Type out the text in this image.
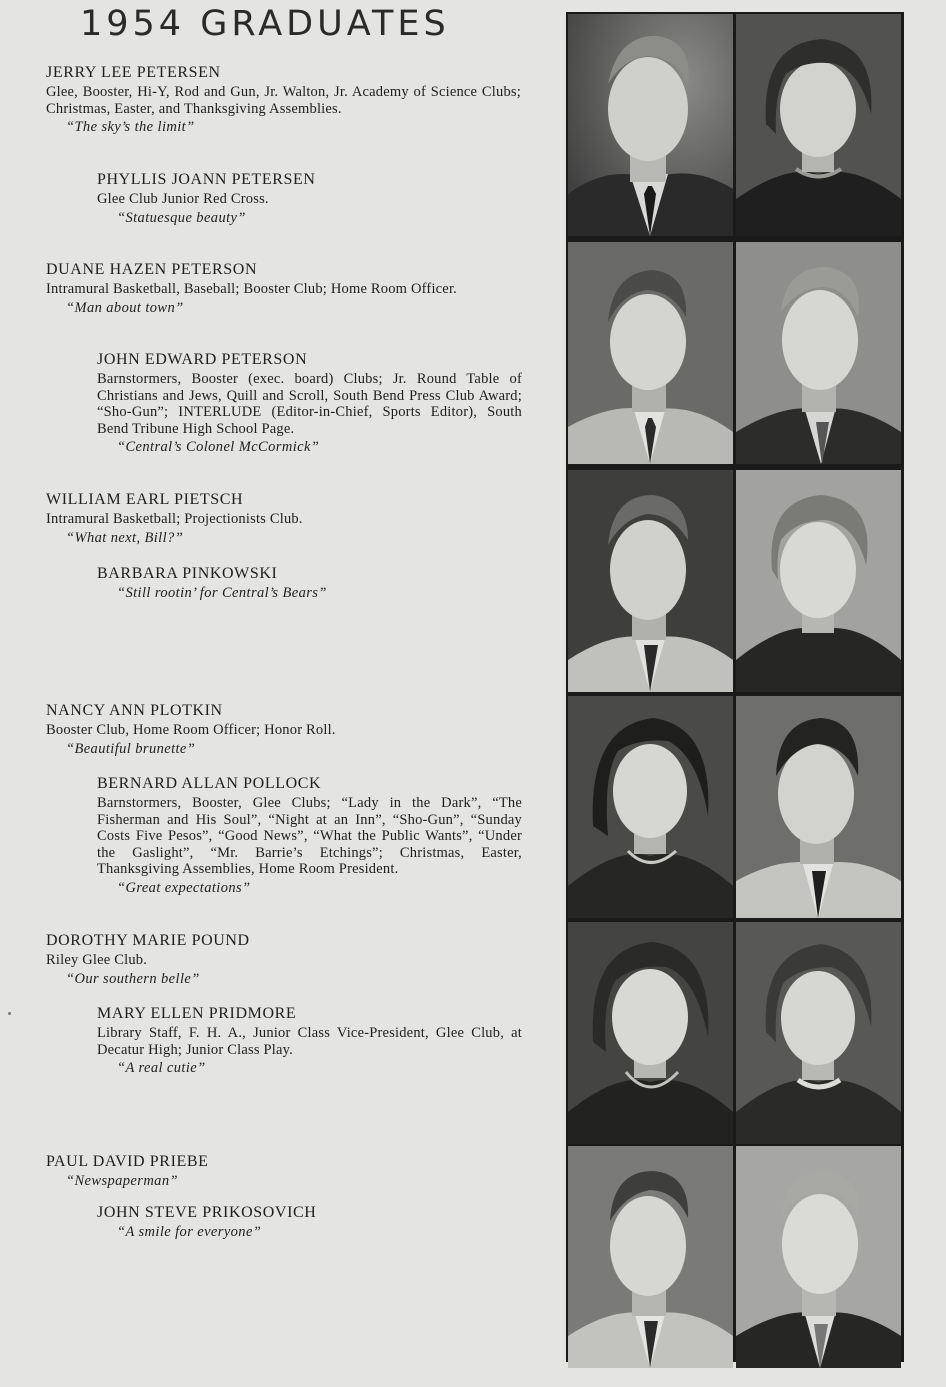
1954 GRADUATES
JERRY LEE PETERSEN
Glee, Booster, Hi-Y, Rod and Gun, Jr. Walton, Jr. Academy of Science Clubs; Christmas, Easter, and Thanksgiving Assemblies.
“The sky’s the limit”
PHYLLIS JOANN PETERSEN
Glee Club Junior Red Cross.
“Statuesque beauty”
DUANE HAZEN PETERSON
Intramural Basketball, Baseball; Booster Club; Home Room Officer.
“Man about town”
JOHN EDWARD PETERSON
Barnstormers, Booster (exec. board) Clubs; Jr. Round Table of Christians and Jews, Quill and Scroll, South Bend Press Club Award; “Sho-Gun”; INTERLUDE (Editor-in-Chief, Sports Editor), South Bend Tribune High School Page.
“Central’s Colonel McCormick”
WILLIAM EARL PIETSCH
Intramural Basketball; Projectionists Club.
“What next, Bill?”
BARBARA PINKOWSKI
“Still rootin’ for Central’s Bears”
NANCY ANN PLOTKIN
Booster Club, Home Room Officer; Honor Roll.
“Beautiful brunette”
BERNARD ALLAN POLLOCK
Barnstormers, Booster, Glee Clubs; “Lady in the Dark”, “The Fisherman and His Soul”, “Night at an Inn”, “Sho-Gun”, “Sunday Costs Five Pesos”, “Good News”, “What the Public Wants”, “Under the Gaslight”, “Mr. Barrie’s Etchings”; Christmas, Easter, Thanksgiving Assemblies, Home Room President.
“Great expectations”
DOROTHY MARIE POUND
Riley Glee Club.
“Our southern belle”
MARY ELLEN PRIDMORE
Library Staff, F. H. A., Junior Class Vice-President, Glee Club, at Decatur High; Junior Class Play.
“A real cutie”
PAUL DAVID PRIEBE
“Newspaperman”
JOHN STEVE PRIKOSOVICH
“A smile for everyone”
